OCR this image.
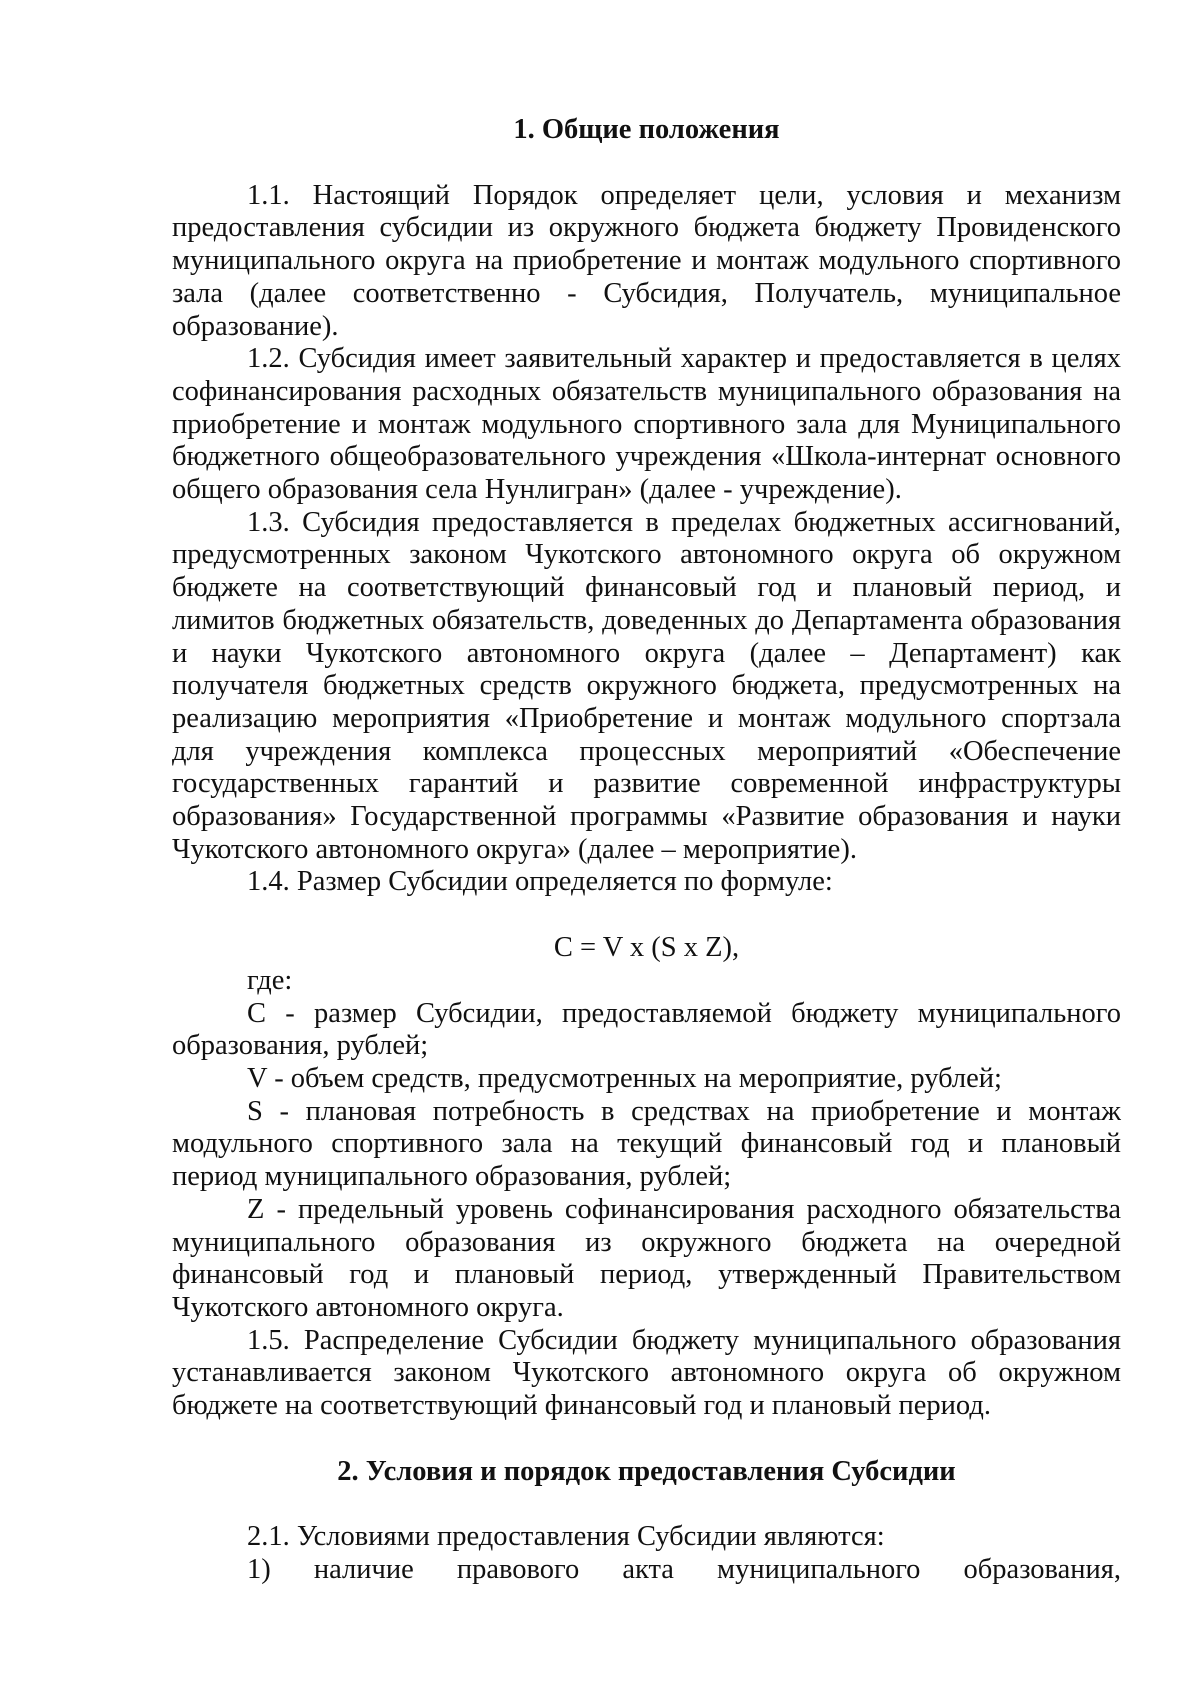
1. Общие положения

1.1. Настоящий Порядок определяет цели, условия и механизм предоставления субсидии из окружного бюджета бюджету Провиденского муниципального округа на приобретение и монтаж модульного спортивного зала (далее соответственно - Субсидия, Получатель, муниципальное образование).

1.2. Субсидия имеет заявительный характер и предоставляется в целях софинансирования расходных обязательств муниципального образования на приобретение и монтаж модульного спортивного зала для Муниципального бюджетного общеобразовательного учреждения «Школа-интернат основного общего образования села Нунлигран» (далее - учреждение).

1.3. Субсидия предоставляется в пределах бюджетных ассигнований, предусмотренных законом Чукотского автономного округа об окружном бюджете на соответствующий финансовый год и плановый период, и лимитов бюджетных обязательств, доведенных до Департамента образования и науки Чукотского автономного округа (далее – Департамент) как получателя бюджетных средств окружного бюджета, предусмотренных на реализацию мероприятия «Приобретение и монтаж модульного спортзала для учреждения комплекса процессных мероприятий «Обеспечение государственных гарантий и развитие современной инфраструктуры образования» Государственной программы «Развитие образования и науки Чукотского автономного округа» (далее – мероприятие).

1.4. Размер Субсидии определяется по формуле:

C = V x (S x Z),

где:

C - размер Субсидии, предоставляемой бюджету муниципального образования, рублей;

V - объем средств, предусмотренных на мероприятие, рублей;

S - плановая потребность в средствах на приобретение и монтаж модульного спортивного зала на текущий финансовый год и плановый период муниципального образования, рублей;

Z - предельный уровень софинансирования расходного обязательства муниципального образования из окружного бюджета на очередной финансовый год и плановый период, утвержденный Правительством Чукотского автономного округа.

1.5. Распределение Субсидии бюджету муниципального образования устанавливается законом Чукотского автономного округа об окружном бюджете на соответствующий финансовый год и плановый период.

2. Условия и порядок предоставления Субсидии

2.1. Условиями предоставления Субсидии являются:

1) наличие правового акта муниципального образования,
